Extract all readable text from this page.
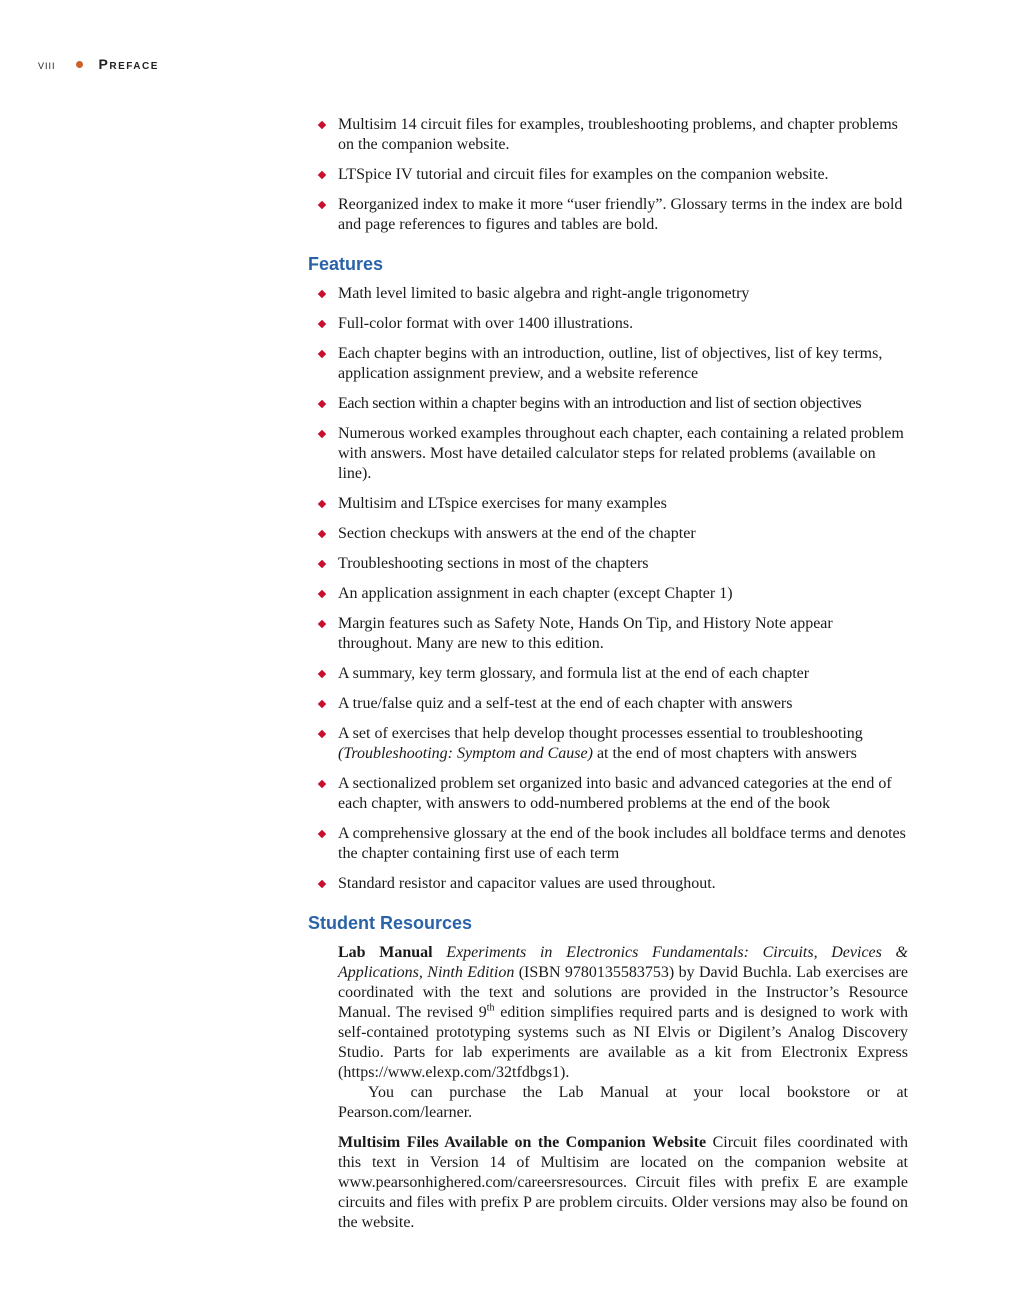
viii	Preface
Multisim 14 circuit files for examples, troubleshooting problems, and chapter problems on the companion website.
LTSpice IV tutorial and circuit files for examples on the companion website.
Reorganized index to make it more “user friendly”. Glossary terms in the index are bold and page references to figures and tables are bold.
Features
Math level limited to basic algebra and right-angle trigonometry
Full-color format with over 1400 illustrations.
Each chapter begins with an introduction, outline, list of objectives, list of key terms, application assignment preview, and a website reference
Each section within a chapter begins with an introduction and list of section objectives
Numerous worked examples throughout each chapter, each containing a related problem with answers. Most have detailed calculator steps for related problems (available on line).
Multisim and LTspice exercises for many examples
Section checkups with answers at the end of the chapter
Troubleshooting sections in most of the chapters
An application assignment in each chapter (except Chapter 1)
Margin features such as Safety Note, Hands On Tip, and History Note appear throughout. Many are new to this edition.
A summary, key term glossary, and formula list at the end of each chapter
A true/false quiz and a self-test at the end of each chapter with answers
A set of exercises that help develop thought processes essential to troubleshooting (Troubleshooting: Symptom and Cause) at the end of most chapters with answers
A sectionalized problem set organized into basic and advanced categories at the end of each chapter, with answers to odd-numbered problems at the end of the book
A comprehensive glossary at the end of the book includes all boldface terms and denotes the chapter containing first use of each term
Standard resistor and capacitor values are used throughout.
Student Resources

Lab Manual Experiments in Electronics Fundamentals: Circuits, Devices & Applications, Ninth Edition (ISBN 9780135583753) by David Buchla. Lab exercises are coordinated with the text and solutions are provided in the Instructor’s Resource Manual. The revised 9th edition simplifies required parts and is designed to work with self-contained prototyping systems such as NI Elvis or Digilent’s Analog Discovery Studio. Parts for lab experiments are available as a kit from Electronix Express (https://www.elexp.com/32tfdbgs1).

You can purchase the Lab Manual at your local bookstore or at Pearson.com/learner.

Multisim Files Available on the Companion Website Circuit files coordinated with this text in Version 14 of Multisim are located on the companion website at www.pearsonhighered.com/careersresources. Circuit files with prefix E are example circuits and files with prefix P are problem circuits. Older versions may also be found on the website.
